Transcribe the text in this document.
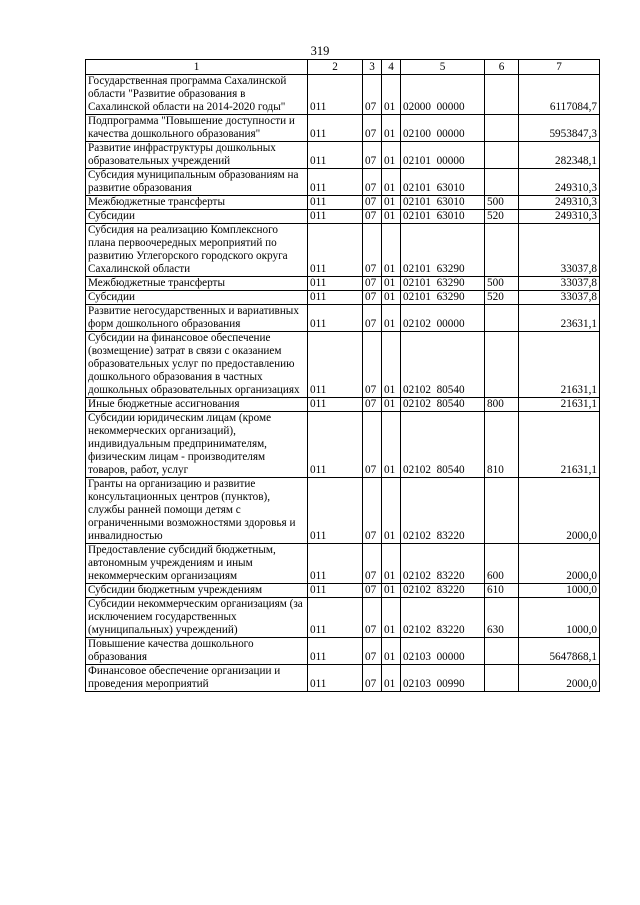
319
1	2	3	4	5	6	7
Государственная программа Сахалинской области "Развитие образования в Сахалинской области на 2014-2020 годы"	011	07	01	02000  00000		6117084,7
Подпрограмма "Повышение доступности и качества дошкольного образования"	011	07	01	02100  00000		5953847,3
Развитие инфраструктуры дошкольных образовательных учреждений	011	07	01	02101  00000		282348,1
Субсидия муниципальным образованиям на развитие образования	011	07	01	02101  63010		249310,3
Межбюджетные трансферты	011	07	01	02101  63010	500	249310,3
Субсидии	011	07	01	02101  63010	520	249310,3
Субсидия на реализацию Комплексного плана первоочередных мероприятий по развитию Углегорского городского округа Сахалинской области	011	07	01	02101  63290		33037,8
Межбюджетные трансферты	011	07	01	02101  63290	500	33037,8
Субсидии	011	07	01	02101  63290	520	33037,8
Развитие негосударственных и вариативных форм дошкольного образования	011	07	01	02102  00000		23631,1
Субсидии на финансовое обеспечение (возмещение) затрат в связи с оказанием образовательных услуг по предоставлению дошкольного образования в частных дошкольных образовательных организациях	011	07	01	02102  80540		21631,1
Иные бюджетные ассигнования	011	07	01	02102  80540	800	21631,1
Субсидии юридическим лицам (кроме некоммерческих организаций), индивидуальным предпринимателям, физическим лицам - производителям товаров, работ, услуг	011	07	01	02102  80540	810	21631,1
Гранты на организацию и развитие консультационных центров (пунктов), службы ранней помощи детям с ограниченными возможностями здоровья и инвалидностью	011	07	01	02102  83220		2000,0
Предоставление субсидий бюджетным, автономным учреждениям и иным некоммерческим организациям	011	07	01	02102  83220	600	2000,0
Субсидии бюджетным учреждениям	011	07	01	02102  83220	610	1000,0
Субсидии некоммерческим организациям (за исключением государственных (муниципальных) учреждений)	011	07	01	02102  83220	630	1000,0
Повышение качества дошкольного образования	011	07	01	02103  00000		5647868,1
Финансовое обеспечение организации и проведения мероприятий	011	07	01	02103  00990		2000,0
